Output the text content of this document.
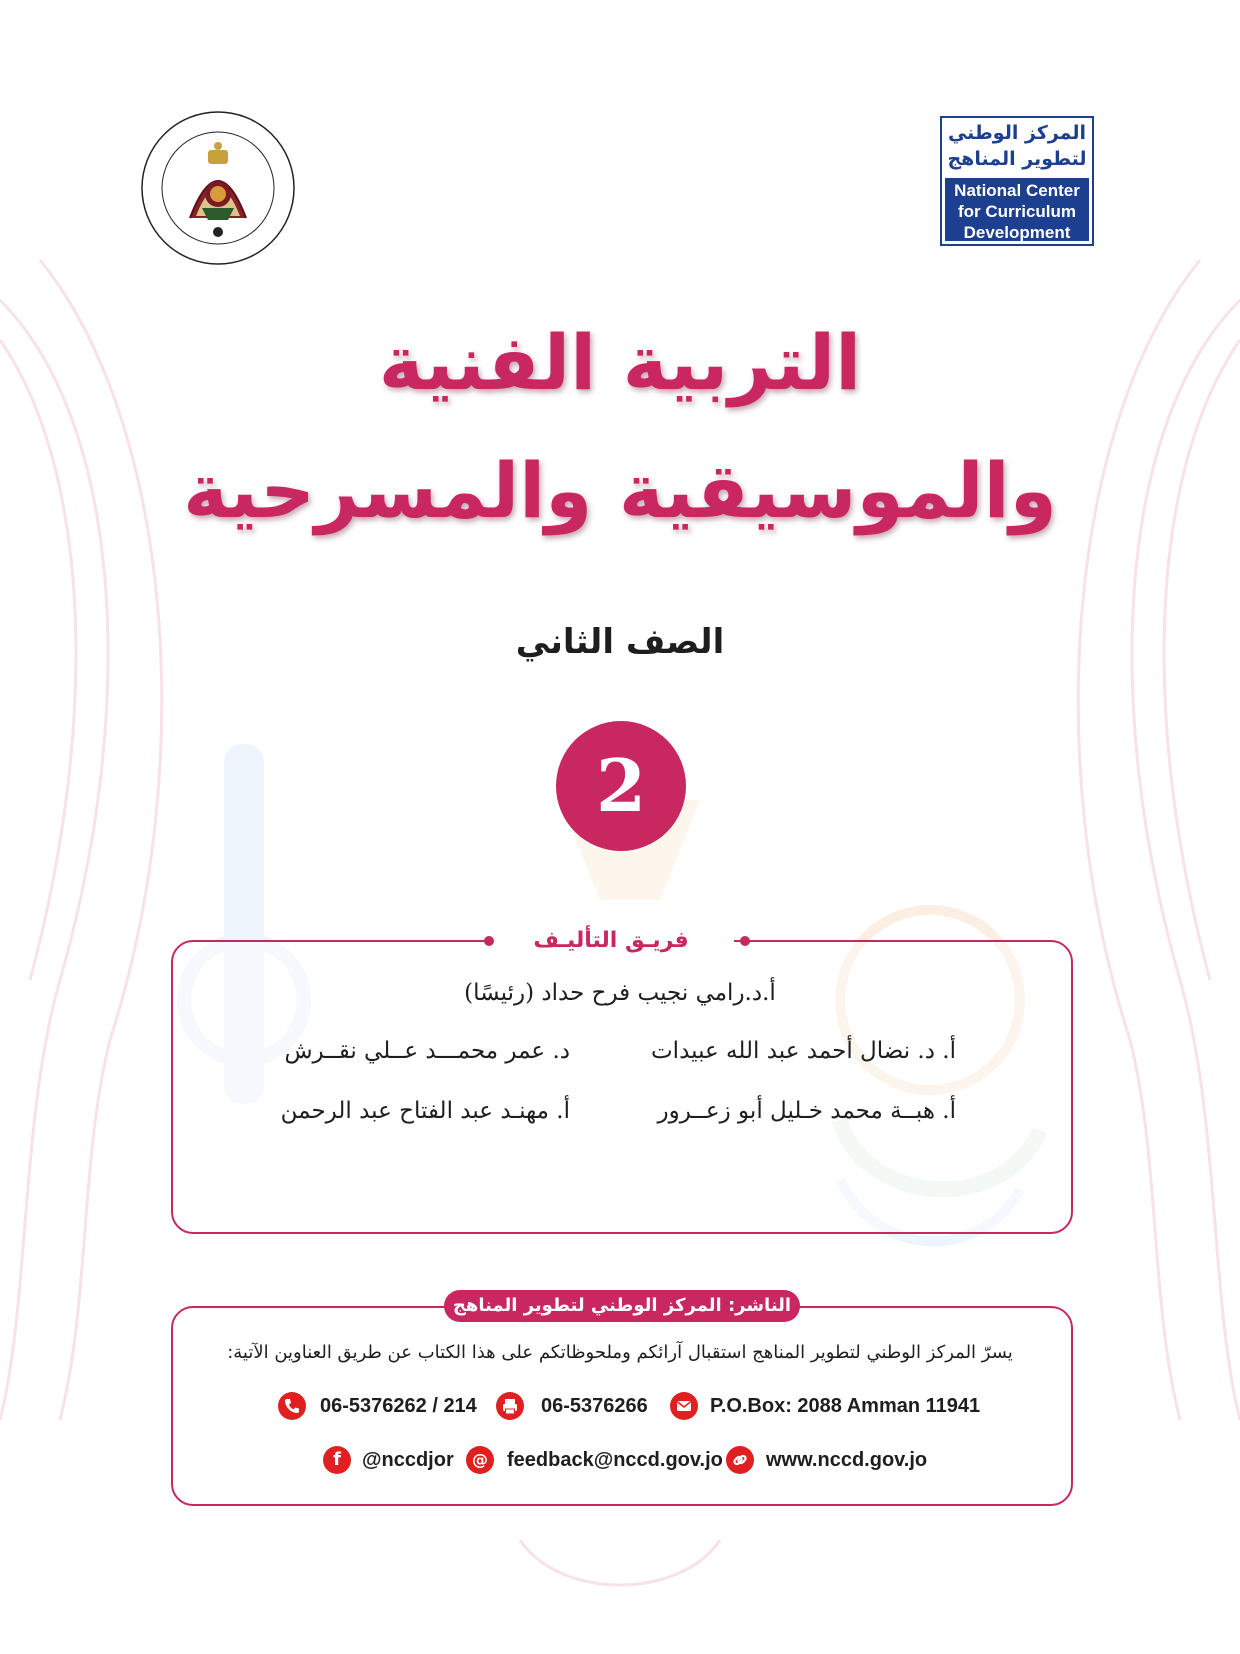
المركز الوطني
لتطوير المناهج
National Center
for Curriculum
Development
التربية الفنية
والموسيقية والمسرحية
الصف الثاني
2
فريـق التأليـف
أ.د.رامي نجيب فرح حداد (رئيسًا)
أ. د. نضال أحمد عبد الله عبيدات
د. عمر محمـــد عــلي نقــرش
أ. هبــة محمد خـليل أبو زعــرور
أ. مهنـد عبد الفتاح عبد الرحمن
الناشر: المركز الوطني لتطوير المناهج
يسرّ المركز الوطني لتطوير المناهج استقبال آرائكم وملحوظاتكم على هذا الكتاب عن طريق العناوين الآتية:
06-5376262 / 214	06-5376266	P.O.Box: 2088 Amman 11941
f	@nccdjor	@ feedback@nccd.gov.jo www.nccd.gov.jo
